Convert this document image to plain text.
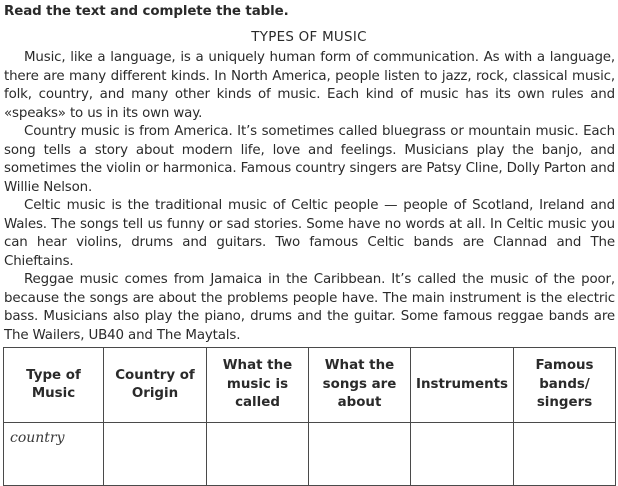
Read the text and complete the table.
TYPES OF MUSIC

Music, like a language, is a uniquely human form of communication. As with a language, there are many different kinds. In North America, people listen to jazz, rock, classical music, folk, country, and many other kinds of music. Each kind of music has its own rules and «speaks» to us in its own way.

Country music is from America. It’s sometimes called bluegrass or mountain music. Each song tells a story about modern life, love and feelings. Musicians play the banjo, and sometimes the violin or harmonica. Famous country singers are Patsy Cline, Dolly Parton and Willie Nelson.

Celtic music is the traditional music of Celtic people — people of Scotland, Ireland and Wales. The songs tell us funny or sad stories. Some have no words at all. In Celtic music you can hear violins, drums and guitars. Two famous Celtic bands are Clannad and The Chieftains.

Reggae music comes from Jamaica in the Caribbean. It’s called the music of the poor, because the songs are about the problems people have. The main instrument is the electric bass. Musicians also play the piano, drums and the guitar. Some famous reggae bands are The Wailers, UB40 and The Maytals.

Type of Music	Country of Origin	What the music is called	What the songs are about	Instruments	Famous bands/ singers

country					
